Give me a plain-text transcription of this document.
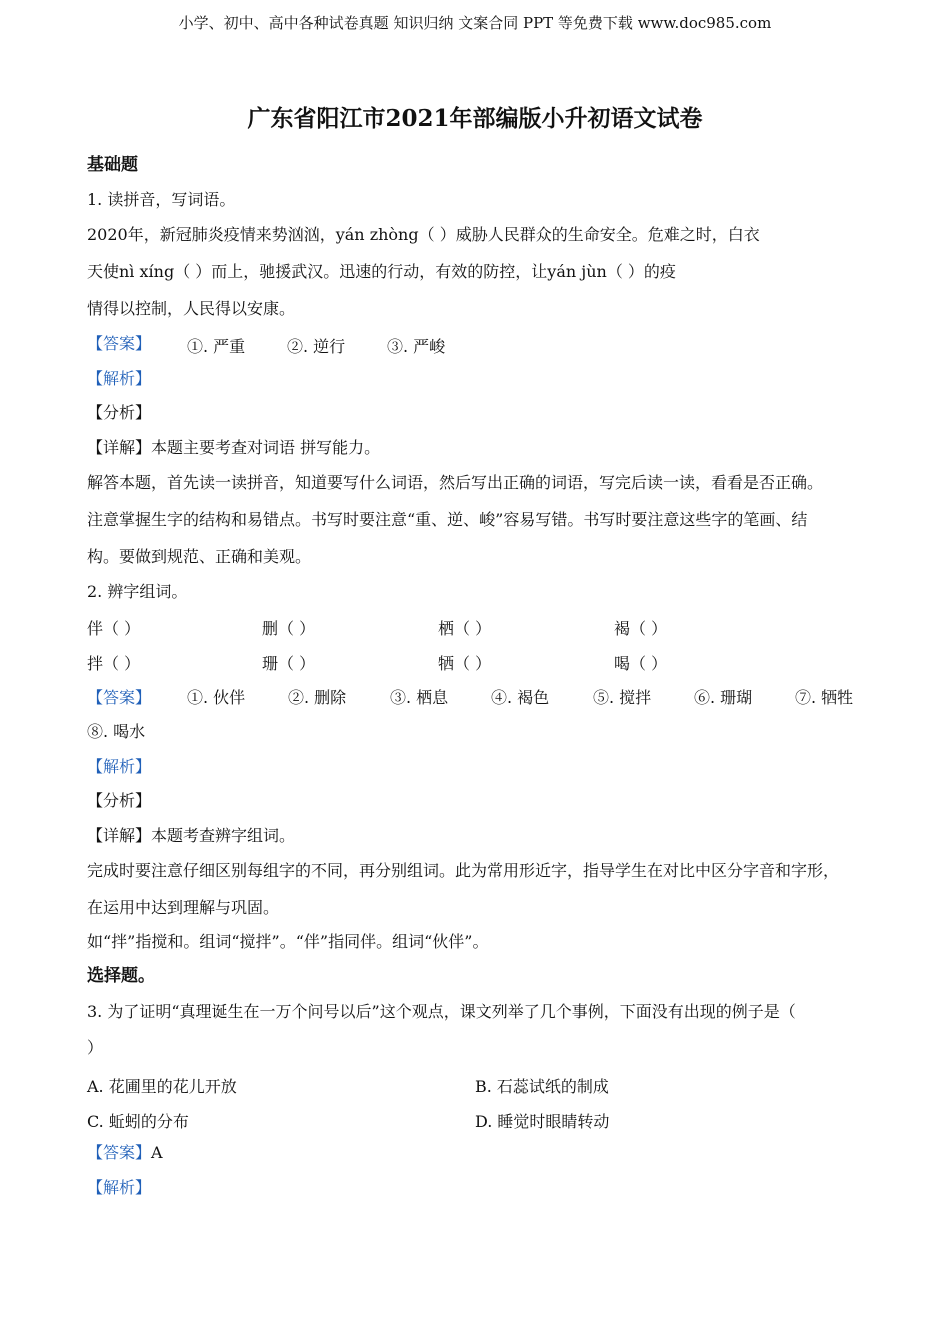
小学、初中、高中各种试卷真题 知识归纳 文案合同 PPT 等免费下载 www.doc985.com
广东省阳江市2021年部编版小升初语文试卷
基础题
1. 读拼音，写词语。
2020年，新冠肺炎疫情来势汹汹，yán zhòng（ ）威胁人民群众的生命安全。危难之时，白衣
天使nì xíng（ ）而上，驰援武汉。迅速的行动，有效的防控，让yán jùn（ ）的疫
情得以控制，人民得以安康。
【答案】 ①. 严重	②. 逆行	③. 严峻
【解析】
【分析】
【详解】本题主要考查对词语 拼写能力。
解答本题，首先读一读拼音，知道要写什么词语，然后写出正确的词语，写完后读一读，看看是否正确。
注意掌握生字的结构和易错点。书写时要注意“重、逆、峻”容易写错。书写时要注意这些字的笔画、结
构。要做到规范、正确和美观。
2. 辨字组词。
伴（ ）	删（ ）	栖（ ）	褐（ ）
拌（ ）	珊（ ）	牺（ ）	喝（ ）
【答案】 ①. 伙伴	②. 删除	③. 栖息	④. 褐色	⑤. 搅拌	⑥. 珊瑚	⑦. 牺牲
⑧. 喝水
【解析】
【分析】
【详解】本题考查辨字组词。
完成时要注意仔细区别每组字的不同，再分别组词。此为常用形近字，指导学生在对比中区分字音和字形，
在运用中达到理解与巩固。
如“拌”指搅和。组词“搅拌”。“伴”指同伴。组词“伙伴”。
选择题。
3. 为了证明“真理诞生在一万个问号以后”这个观点，课文列举了几个事例，下面没有出现的例子是（
）
A. 花圃里的花儿开放	B. 石蕊试纸的制成
C. 蚯蚓的分布	D. 睡觉时眼睛转动
【答案】A
【解析】
